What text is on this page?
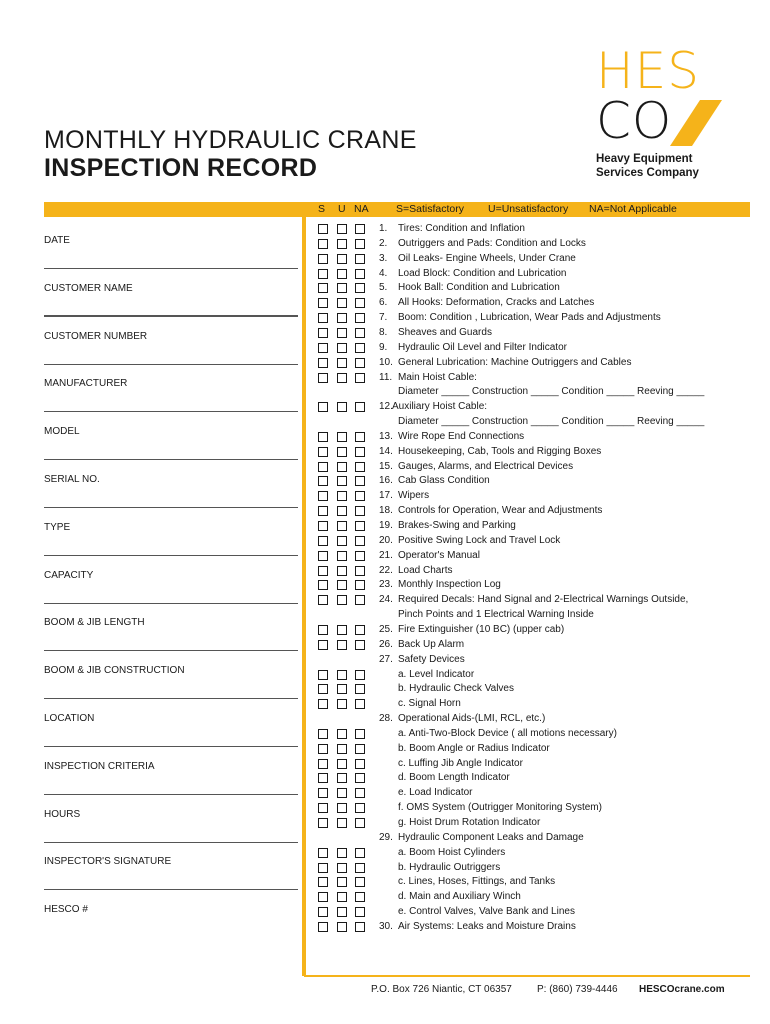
HES
CO
Heavy Equipment
Services Company
MONTHLY HYDRAULIC CRANE
INSPECTION RECORD
S U NA	S=Satisfactory U=Unsatisfactory NA=Not Applicable
DATE
CUSTOMER NAME
CUSTOMER NUMBER
MANUFACTURER
MODEL
SERIAL NO.
TYPE
CAPACITY
BOOM & JIB LENGTH
BOOM & JIB CONSTRUCTION
LOCATION
INSPECTION CRITERIA
HOURS
INSPECTOR'S SIGNATURE
HESCO #
1. Tires: Condition and Inflation
2. Outriggers and Pads: Condition and Locks
3. Oil Leaks- Engine Wheels, Under Crane
4. Load Block: Condition and Lubrication
5. Hook Ball: Condition and Lubrication
6. All Hooks: Deformation, Cracks and Latches
7. Boom: Condition , Lubrication, Wear Pads and Adjustments
8. Sheaves and Guards
9. Hydraulic Oil Level and Filter Indicator
10. General Lubrication: Machine Outriggers and Cables
11. Main Hoist Cable:
Diameter _____ Construction _____ Condition _____ Reeving _____
12. Auxiliary Hoist Cable:
Diameter _____ Construction _____ Condition _____ Reeving _____
13. Wire Rope End Connections
14. Housekeeping, Cab, Tools and Rigging Boxes
15. Gauges, Alarms, and Electrical Devices
16. Cab Glass Condition
17. Wipers
18. Controls for Operation, Wear and Adjustments
19. Brakes-Swing and Parking
20. Positive Swing Lock and Travel Lock
21. Operator's Manual
22. Load Charts
23. Monthly Inspection Log
24. Required Decals: Hand Signal and 2-Electrical Warnings Outside,
Pinch Points and 1 Electrical Warning Inside
25. Fire Extinguisher (10 BC) (upper cab)
26. Back Up Alarm
27. Safety Devices
a. Level Indicator
b. Hydraulic Check Valves
c. Signal Horn
28. Operational Aids-(LMI, RCL, etc.)
a. Anti-Two-Block Device ( all motions necessary)
b. Boom Angle or Radius Indicator
c. Luffing Jib Angle Indicator
d. Boom Length Indicator
e. Load Indicator
f. OMS System (Outrigger Monitoring System)
g. Hoist Drum Rotation Indicator
29. Hydraulic Component Leaks and Damage
a. Boom Hoist Cylinders
b. Hydraulic Outriggers
c. Lines, Hoses, Fittings, and Tanks
d. Main and Auxiliary Winch
e. Control Valves, Valve Bank and Lines
30. Air Systems: Leaks and Moisture Drains
P.O. Box 726 Niantic, CT 06357	P: (860) 739-4446 HESCOcrane.com
